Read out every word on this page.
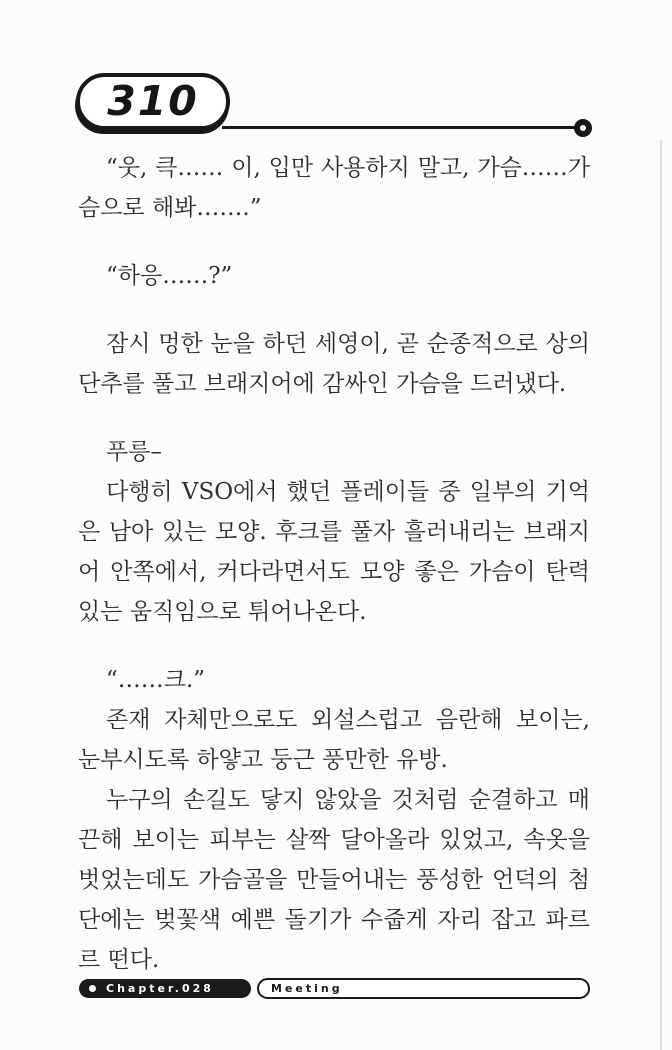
310

“웃, 큭…… 이, 입만 사용하지 말고, 가슴……가슴으로 해봐…….”

“하응……?”

잠시 멍한 눈을 하던 세영이, 곧 순종적으로 상의 단추를 풀고 브래지어에 감싸인 가슴을 드러냈다.

푸릉–

다행히 VSO에서 했던 플레이들 중 일부의 기억은 남아 있는 모양. 후크를 풀자 흘러내리는 브래지어 안쪽에서, 커다라면서도 모양 좋은 가슴이 탄력 있는 움직임으로 튀어나온다.

“……크.”

존재 자체만으로도 외설스럽고 음란해 보이는, 눈부시도록 하얗고 둥근 풍만한 유방.

누구의 손길도 닿지 않았을 것처럼 순결하고 매끈해 보이는 피부는 살짝 달아올라 있었고, 속옷을 벗었는데도 가슴골을 만들어내는 풍성한 언덕의 첨단에는 벚꽃색 예쁜 돌기가 수줍게 자리 잡고 파르르 떤다.

Chapter.028	Meeting
